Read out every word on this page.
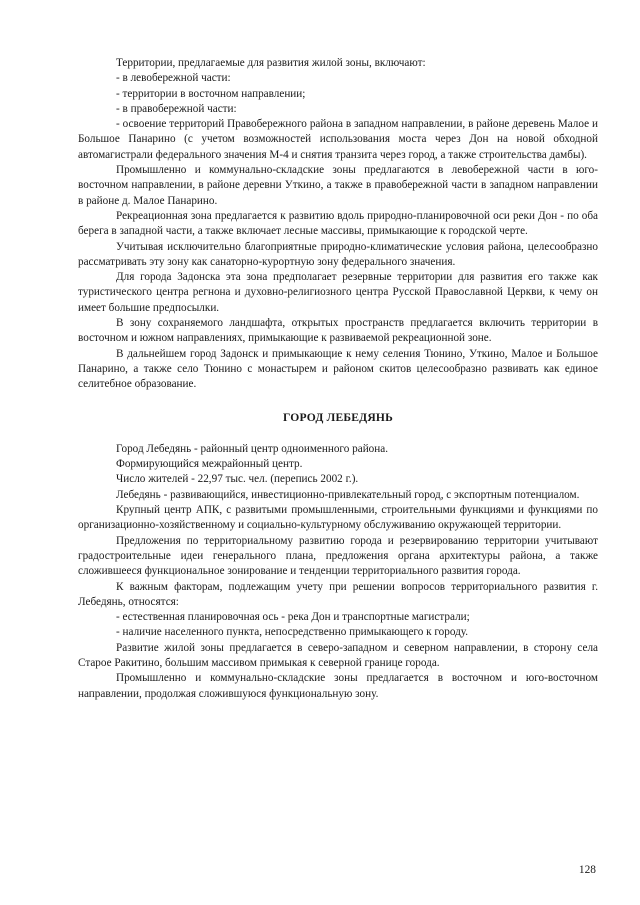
Территории, предлагаемые для развития жилой зоны, включают:

- в левобережной части:

- территории в восточном направлении;

- в правобережной части:

- освоение территорий Правобережного района в западном направлении, в районе деревень Малое и Большое Панарино (с учетом возможностей использования моста через Дон на новой обходной автомагистрали федерального значения М-4 и снятия транзита через город, а также строительства дамбы).

Промышленно и коммунально-складские зоны предлагаются в левобережной части в юго-восточном направлении, в районе деревни Уткино, а также в правобережной части в западном направлении в районе д. Малое Панарино.

Рекреационная зона предлагается к развитию вдоль природно-планировочной оси реки Дон - по оба берега в западной части, а также включает лесные массивы, примыкающие к городской черте.

Учитывая исключительно благоприятные природно-климатические условия района, целесообразно рассматривать эту зону как санаторно-курортную зону федерального значения.

Для города Задонска эта зона предполагает резервные территории для развития его также как туристического центра регнона и духовно-религиозного центра Русской Православной Церкви, к чему он имеет большие предпосылки.

В зону сохраняемого ландшафта, открытых пространств предлагается включить территории в восточном и южном направлениях, примыкающие к развиваемой рекреационной зоне.

В дальнейшем город Задонск и примыкающие к нему селения Тюнино, Уткино, Малое и Большое Панарино, а также село Тюнино с монастырем и районом скитов целесообразно развивать как единое селитебное образование.

ГОРОД ЛЕБЕДЯНЬ

Город Лебедянь - районный центр одноименного района.

Формирующийся межрайонный центр.

Число жителей - 22,97 тыс. чел. (перепись 2002 г.).

Лебедянь - развивающийся, инвестиционно-привлекательный город, с экспортным потенциалом.

Крупный центр АПК, с развитыми промышленными, строительными функциями и функциями по организационно-хозяйственному и социально-культурному обслуживанию окружающей территории.

Предложения по территориальному развитию города и резервированию территории учитывают градостроительные идеи генерального плана, предложения органа архитектуры района, а также сложившееся функциональное зонирование и тенденции территориального развития города.

К важным факторам, подлежащим учету при решении вопросов территориального развития г. Лебедянь, относятся:

- естественная планировочная ось - река Дон и транспортные магистрали;

- наличие населенного пункта, непосредственно примыкающего к городу.

Развитие жилой зоны предлагается в северо-западном и северном направлении, в сторону села Старое Ракитино, большим массивом примыкая к северной границе города.

Промышленно и коммунально-складские зоны предлагается в восточном и юго-восточном направлении, продолжая сложившуюся функциональную зону.

128
